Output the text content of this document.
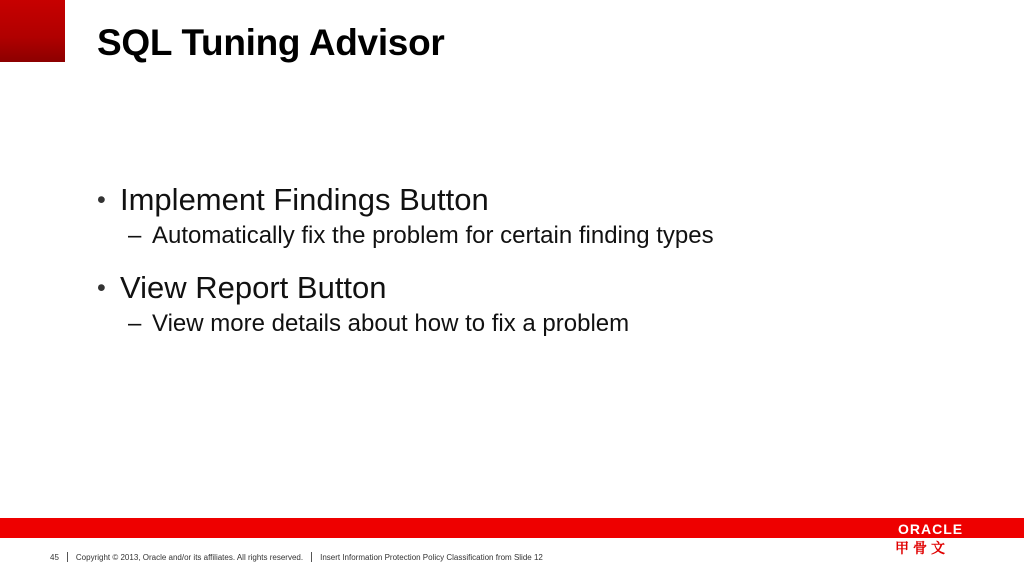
SQL Tuning Advisor
• Implement Findings Button
– Automatically fix the problem for certain finding types
• View Report Button
– View more details about how to fix a problem
ORACLE
甲骨文
45 Copyright © 2013, Oracle and/or its affiliates. All rights reserved. Insert Information Protection Policy Classification from Slide 12
